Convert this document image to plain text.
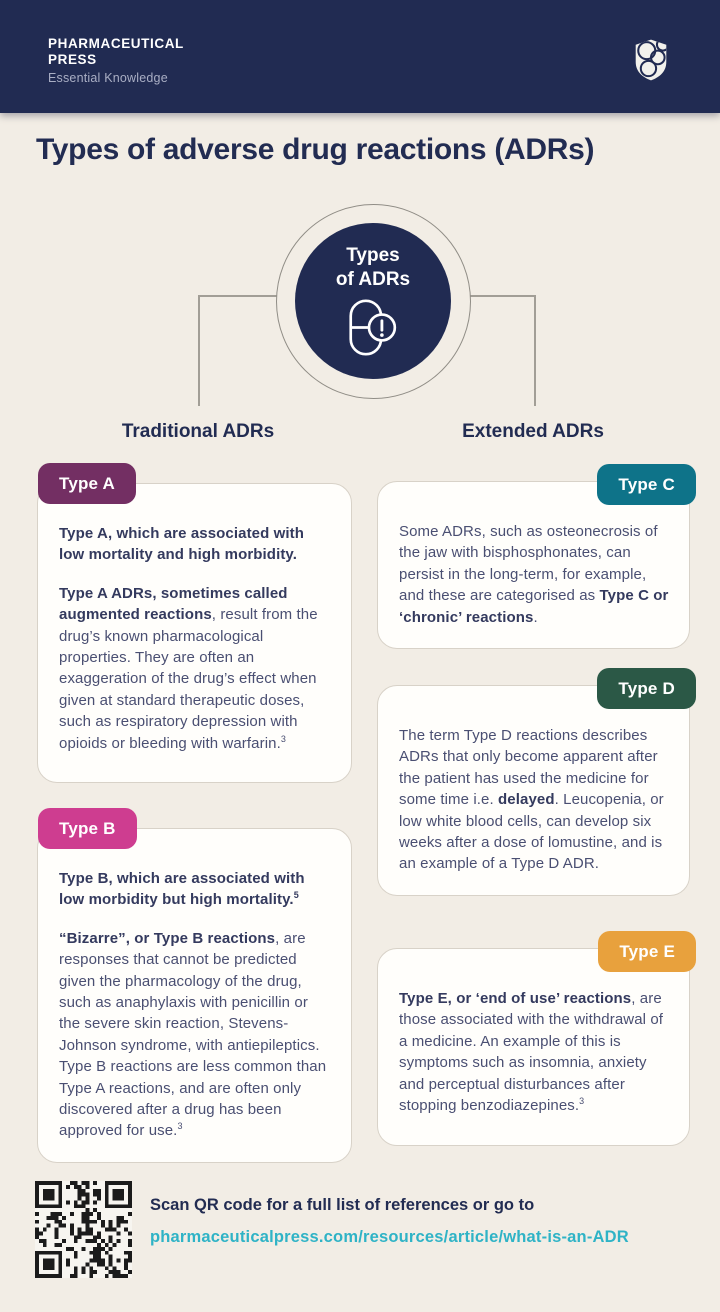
PHARMACEUTICAL
PRESS
Essential Knowledge
Types of adverse drug reactions (ADRs)
Types
of ADRs
Traditional ADRs	Extended ADRs
Type A

Type A, which are associated with low mortality and high morbidity.

Type A ADRs, sometimes called augmented reactions, result from the drug’s known pharmacological properties. They are often an exaggeration of the drug’s effect when given at standard therapeutic doses, such as respiratory depression with opioids or bleeding with warfarin.$^3$

Type B

Type B, which are associated with low morbidity but high mortality.$^5$

“Bizarre”, or Type B reactions, are responses that cannot be predicted given the pharmacology of the drug, such as anaphylaxis with penicillin or the severe skin reaction, Stevens-Johnson syndrome, with antiepileptics. Type B reactions are less common than Type A reactions, and are often only discovered after a drug has been approved for use.$^3$

Type C

Some ADRs, such as osteonecrosis of the jaw with bisphosphonates, can persist in the long-term, for example, and these are categorised as Type C or ‘chronic’ reactions.

Type D

The term Type D reactions describes ADRs that only become apparent after the patient has used the medicine for some time i.e. delayed. Leucopenia, or low white blood cells, can develop six weeks after a dose of lomustine, and is an example of a Type D ADR.

Type E

Type E, or ‘end of use’ reactions, are those associated with the withdrawal of a medicine. An example of this is symptoms such as insomnia, anxiety and perceptual disturbances after stopping benzodiazepines.$^3$

Scan QR code for a full list of references or go to

pharmaceuticalpress.com/resources/article/what-is-an-ADR
